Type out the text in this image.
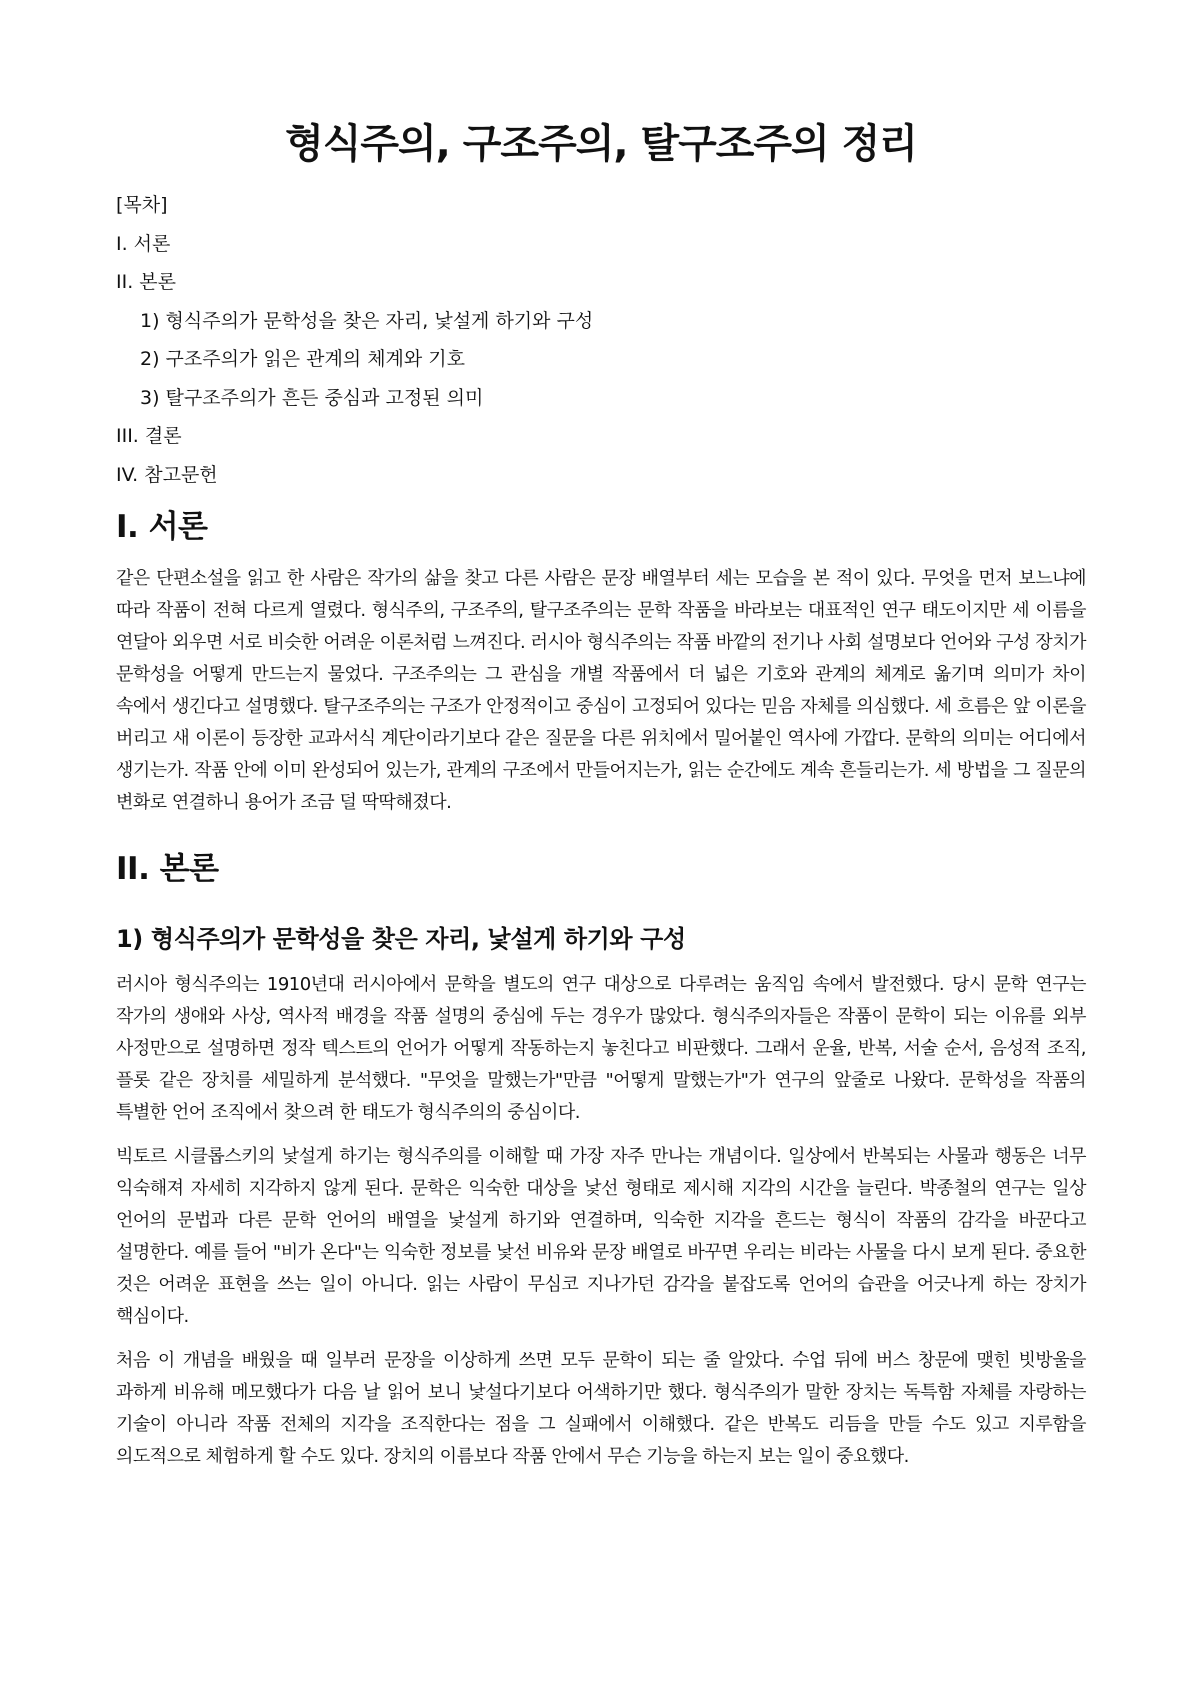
형식주의, 구조주의, 탈구조주의 정리
[목차]
I. 서론
II. 본론
1) 형식주의가 문학성을 찾은 자리, 낯설게 하기와 구성
2) 구조주의가 읽은 관계의 체계와 기호
3) 탈구조주의가 흔든 중심과 고정된 의미
III. 결론
IV. 참고문헌
I. 서론

같은 단편소설을 읽고 한 사람은 작가의 삶을 찾고 다른 사람은 문장 배열부터 세는 모습을 본 적이 있다. 무엇을 먼저 보느냐에 따라 작품이 전혀 다르게 열렸다. 형식주의, 구조주의, 탈구조주의는 문학 작품을 바라보는 대표적인 연구 태도이지만 세 이름을 연달아 외우면 서로 비슷한 어려운 이론처럼 느껴진다. 러시아 형식주의는 작품 바깥의 전기나 사회 설명보다 언어와 구성 장치가 문학성을 어떻게 만드는지 물었다. 구조주의는 그 관심을 개별 작품에서 더 넓은 기호와 관계의 체계로 옮기며 의미가 차이 속에서 생긴다고 설명했다. 탈구조주의는 구조가 안정적이고 중심이 고정되어 있다는 믿음 자체를 의심했다. 세 흐름은 앞 이론을 버리고 새 이론이 등장한 교과서식 계단이라기보다 같은 질문을 다른 위치에서 밀어붙인 역사에 가깝다. 문학의 의미는 어디에서 생기는가. 작품 안에 이미 완성되어 있는가, 관계의 구조에서 만들어지는가, 읽는 순간에도 계속 흔들리는가. 세 방법을 그 질문의 변화로 연결하니 용어가 조금 덜 딱딱해졌다.

II. 본론
1) 형식주의가 문학성을 찾은 자리, 낯설게 하기와 구성

러시아 형식주의는 1910년대 러시아에서 문학을 별도의 연구 대상으로 다루려는 움직임 속에서 발전했다. 당시 문학 연구는 작가의 생애와 사상, 역사적 배경을 작품 설명의 중심에 두는 경우가 많았다. 형식주의자들은 작품이 문학이 되는 이유를 외부 사정만으로 설명하면 정작 텍스트의 언어가 어떻게 작동하는지 놓친다고 비판했다. 그래서 운율, 반복, 서술 순서, 음성적 조직, 플롯 같은 장치를 세밀하게 분석했다. "무엇을 말했는가"만큼 "어떻게 말했는가"가 연구의 앞줄로 나왔다. 문학성을 작품의 특별한 언어 조직에서 찾으려 한 태도가 형식주의의 중심이다.

빅토르 시클롭스키의 낯설게 하기는 형식주의를 이해할 때 가장 자주 만나는 개념이다. 일상에서 반복되는 사물과 행동은 너무 익숙해져 자세히 지각하지 않게 된다. 문학은 익숙한 대상을 낯선 형태로 제시해 지각의 시간을 늘린다. 박종철의 연구는 일상 언어의 문법과 다른 문학 언어의 배열을 낯설게 하기와 연결하며, 익숙한 지각을 흔드는 형식이 작품의 감각을 바꾼다고 설명한다. 예를 들어 "비가 온다"는 익숙한 정보를 낯선 비유와 문장 배열로 바꾸면 우리는 비라는 사물을 다시 보게 된다. 중요한 것은 어려운 표현을 쓰는 일이 아니다. 읽는 사람이 무심코 지나가던 감각을 붙잡도록 언어의 습관을 어긋나게 하는 장치가 핵심이다.

처음 이 개념을 배웠을 때 일부러 문장을 이상하게 쓰면 모두 문학이 되는 줄 알았다. 수업 뒤에 버스 창문에 맺힌 빗방울을 과하게 비유해 메모했다가 다음 날 읽어 보니 낯설다기보다 어색하기만 했다. 형식주의가 말한 장치는 독특함 자체를 자랑하는 기술이 아니라 작품 전체의 지각을 조직한다는 점을 그 실패에서 이해했다. 같은 반복도 리듬을 만들 수도 있고 지루함을 의도적으로 체험하게 할 수도 있다. 장치의 이름보다 작품 안에서 무슨 기능을 하는지 보는 일이 중요했다.
